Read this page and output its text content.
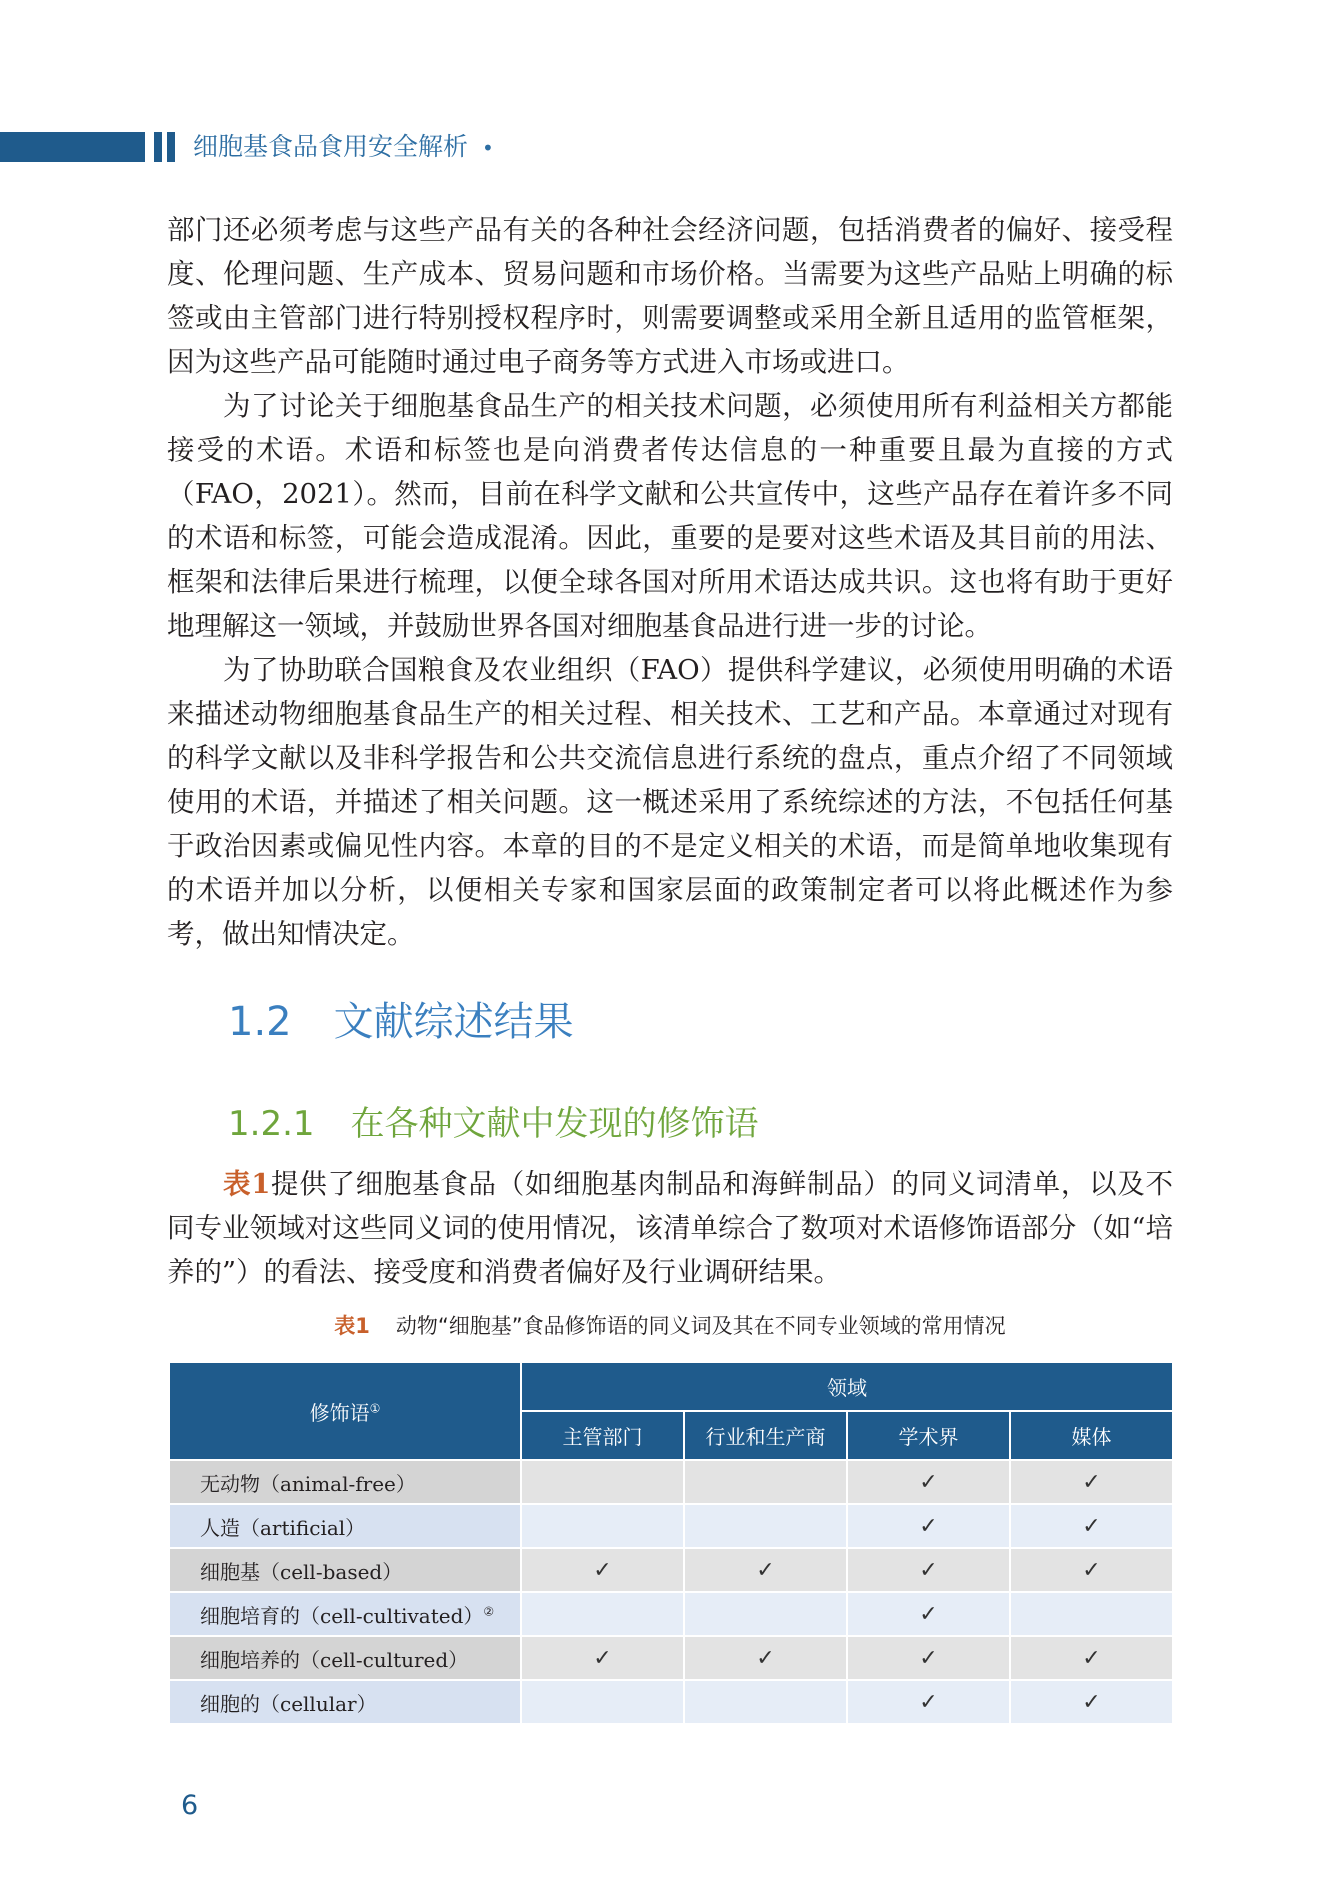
细胞基食品食用安全解析 •

部门还必须考虑与这些产品有关的各种社会经济问题，包括消费者的偏好、接受程度、伦理问题、生产成本、贸易问题和市场价格。当需要为这些产品贴上明确的标签或由主管部门进行特别授权程序时，则需要调整或采用全新且适用的监管框架，因为这些产品可能随时通过电子商务等方式进入市场或进口。

为了讨论关于细胞基食品生产的相关技术问题，必须使用所有利益相关方都能接受的术语。术语和标签也是向消费者传达信息的一种重要且最为直接的方式（FAO，2021）。然而，目前在科学文献和公共宣传中，这些产品存在着许多不同的术语和标签，可能会造成混淆。因此，重要的是要对这些术语及其目前的用法、框架和法律后果进行梳理，以便全球各国对所用术语达成共识。这也将有助于更好地理解这一领域，并鼓励世界各国对细胞基食品进行进一步的讨论。

为了协助联合国粮食及农业组织（FAO）提供科学建议，必须使用明确的术语来描述动物细胞基食品生产的相关过程、相关技术、工艺和产品。本章通过对现有的科学文献以及非科学报告和公共交流信息进行系统的盘点，重点介绍了不同领域使用的术语，并描述了相关问题。这一概述采用了系统综述的方法，不包括任何基于政治因素或偏见性内容。本章的目的不是定义相关的术语，而是简单地收集现有的术语并加以分析，以便相关专家和国家层面的政策制定者可以将此概述作为参考，做出知情决定。

1.2 文献综述结果
1.2.1 在各种文献中发现的修饰语

表1提供了细胞基食品（如细胞基肉制品和海鲜制品）的同义词清单，以及不同专业领域对这些同义词的使用情况，该清单综合了数项对术语修饰语部分（如“培养的”）的看法、接受度和消费者偏好及行业调研结果。

表1 动物“细胞基”食品修饰语的同义词及其在不同专业领域的常用情况
修饰语①	领域			
	主管部门	行业和生产商	学术界	媒体
无动物（animal-free）			✓	✓
人造（artificial）			✓	✓
细胞基（cell-based）	✓	✓	✓	✓
细胞培育的（cell-cultivated）②			✓	
细胞培养的（cell-cultured）	✓	✓	✓	✓
细胞的（cellular）			✓	✓
6
